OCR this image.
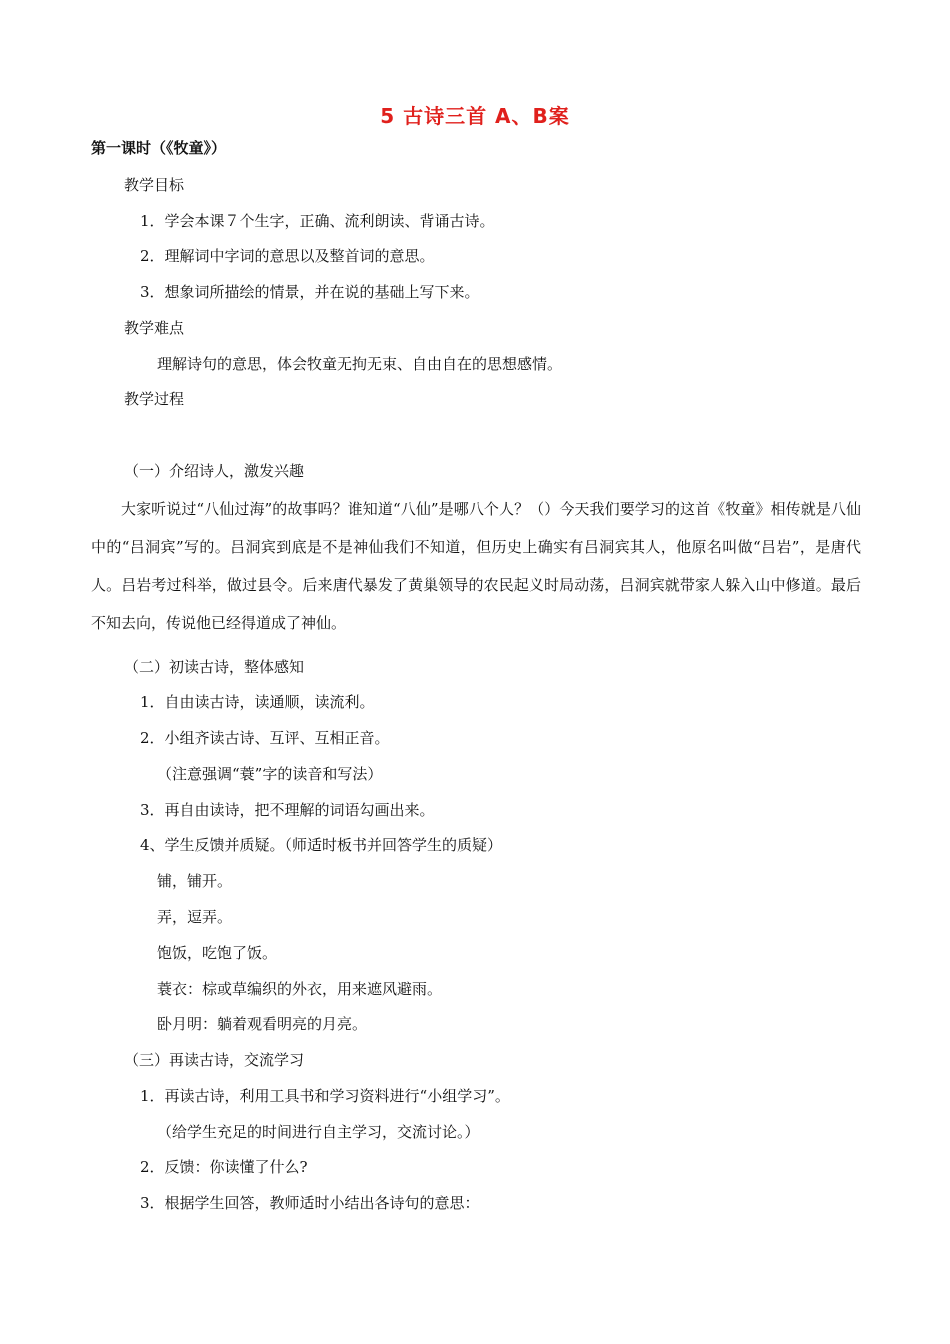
5 古诗三首 A、B案
第一课时（《牧童》）
教学目标
1．学会本课７个生字，正确、流利朗读、背诵古诗。
2．理解词中字词的意思以及整首词的意思。
3．想象词所描绘的情景，并在说的基础上写下来。
教学难点
理解诗句的意思，体会牧童无拘无束、自由自在的思想感情。
教学过程
（一）介绍诗人，激发兴趣
大家听说过“八仙过海”的故事吗？谁知道“八仙”是哪八个人？（）今天我们要学习的这首《牧童》相传就是八仙中的“吕洞宾”写的。吕洞宾到底是不是神仙我们不知道，但历史上确实有吕洞宾其人，他原名叫做“吕岩”，是唐代人。吕岩考过科举，做过县令。后来唐代暴发了黄巢领导的农民起义时局动荡，吕洞宾就带家人躲入山中修道。最后不知去向，传说他已经得道成了神仙。
（二）初读古诗，整体感知
1．自由读古诗，读通顺，读流利。
2．小组齐读古诗、互评、互相正音。
（注意强调“蓑”字的读音和写法）
3．再自由读诗，把不理解的词语勾画出来。
4、学生反馈并质疑。（师适时板书并回答学生的质疑）
铺，铺开。
弄，逗弄。
饱饭，吃饱了饭。
蓑衣：棕或草编织的外衣，用来遮风避雨。
卧月明：躺着观看明亮的月亮。
（三）再读古诗，交流学习
1．再读古诗，利用工具书和学习资料进行“小组学习”。
（给学生充足的时间进行自主学习，交流讨论。）
2．反馈：你读懂了什么?
3．根据学生回答，教师适时小结出各诗句的意思：
